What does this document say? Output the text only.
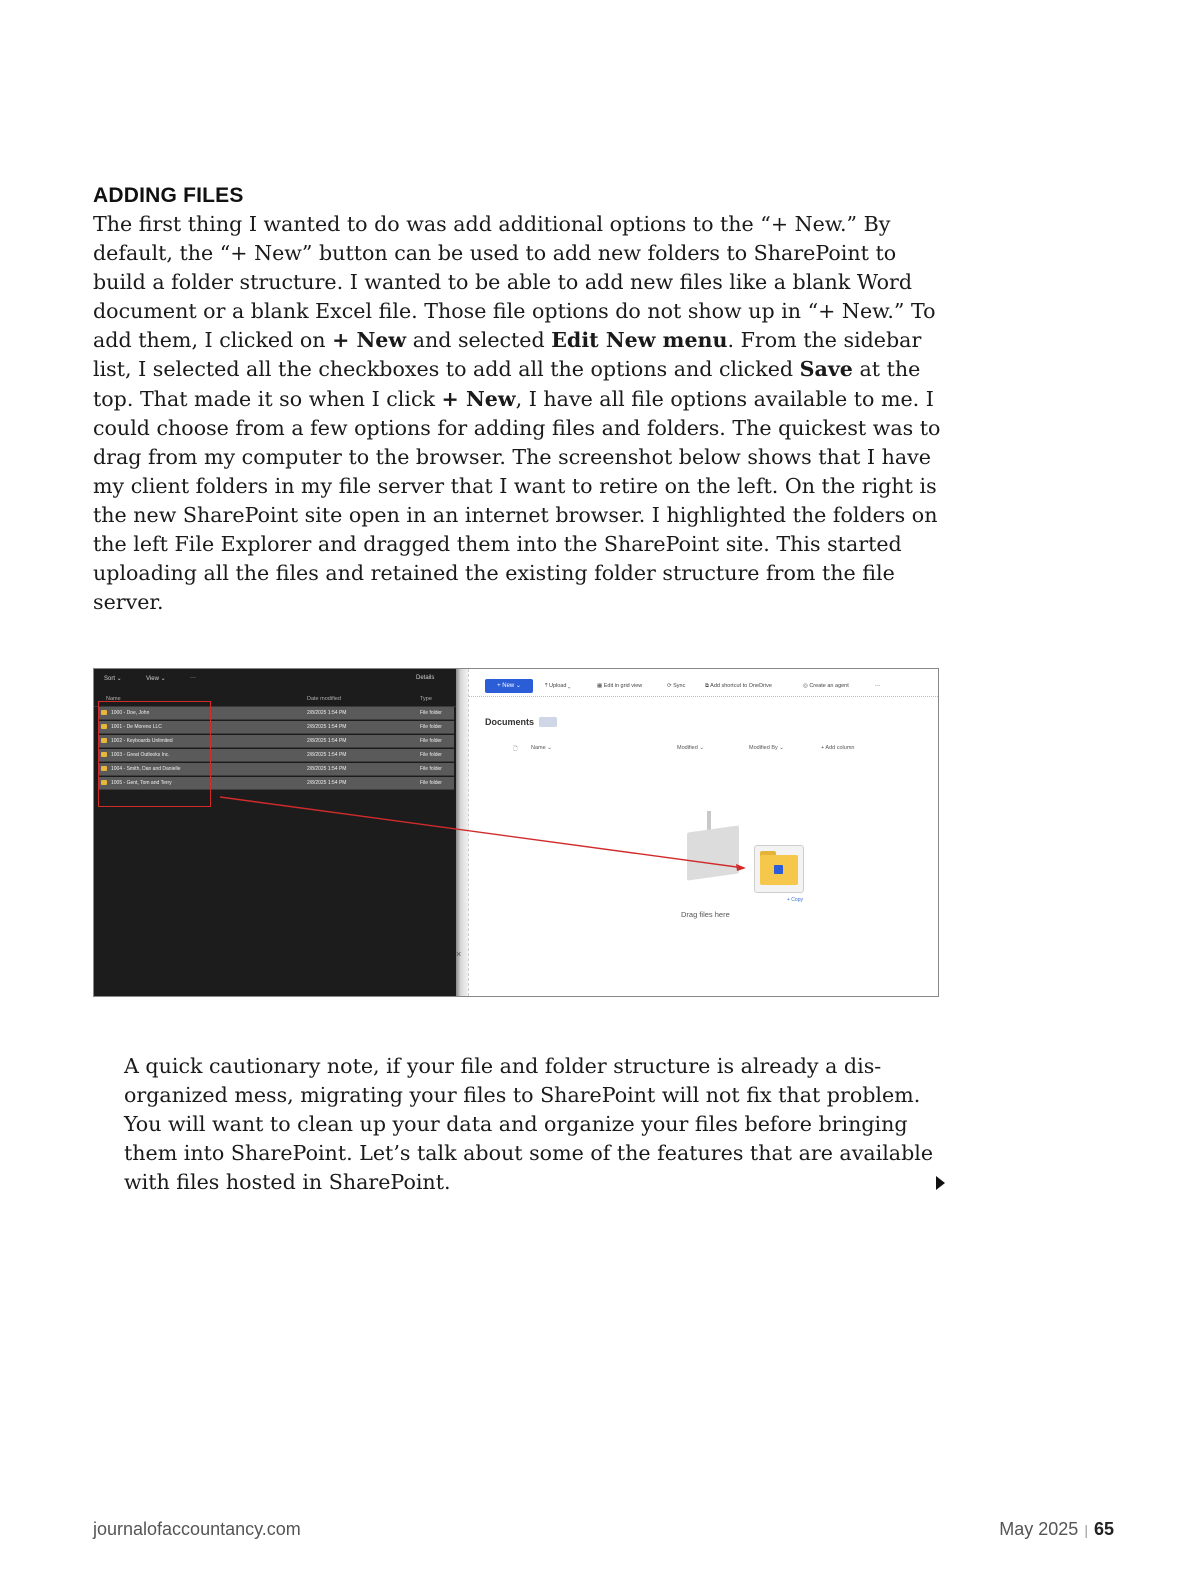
ADDING FILES
The first thing I wanted to do was add additional options to the “+ New.” By default, the “+ New” button can be used to add new folders to SharePoint to build a folder structure. I wanted to be able to add new files like a blank Word document or a blank Excel file. Those file options do not show up in “+ New.” To add them, I clicked on + New and selected Edit New menu. From the sidebar list, I selected all the checkboxes to add all the options and clicked Save at the top. That made it so when I click + New, I have all file options available to me. I could choose from a few options for adding files and folders. The quickest was to drag from my computer to the browser. The screenshot below shows that I have my client folders in my file server that I want to retire on the left. On the right is the new SharePoint site open in an internet browser. I highlighted the folders on the left File Explorer and dragged them into the SharePoint site. This started uploading all the files and retained the existing folder structure from the file server.
Sort ⌄	View ⌄	···	Details
Name	Date modified	Type
1000 - Doe, John	2/8/2025 1:54 PM	File folder
1001 - De Moreno LLC	2/8/2025 1:54 PM	File folder
1002 - Keyboards Unlimited	2/8/2025 1:54 PM	File folder
1003 - Great Outlooks Inc.	2/8/2025 1:54 PM	File folder
1004 - Smith, Dan and Danielle	2/8/2025 1:54 PM	File folder
1005 - Gent, Tom and Terry	2/8/2025 1:54 PM	File folder
×
+ New ⌄	⤒ Upload ⌄	▦ Edit in grid view	⟳ Sync	⧉ Add shortcut to OneDrive	◎ Create an agent	···
Documents
🗋 Name ⌄	Modified ⌄	Modified By ⌄	+ Add column
+ Copy
Drag files here
A quick cautionary note, if your file and folder structure is already a dis-organized mess, migrating your files to SharePoint will not fix that problem. You will want to clean up your data and organize your files before bringing them into SharePoint. Let’s talk about some of the features that are available with files hosted in SharePoint.
journalofaccountancy.com	May 2025 | 65
